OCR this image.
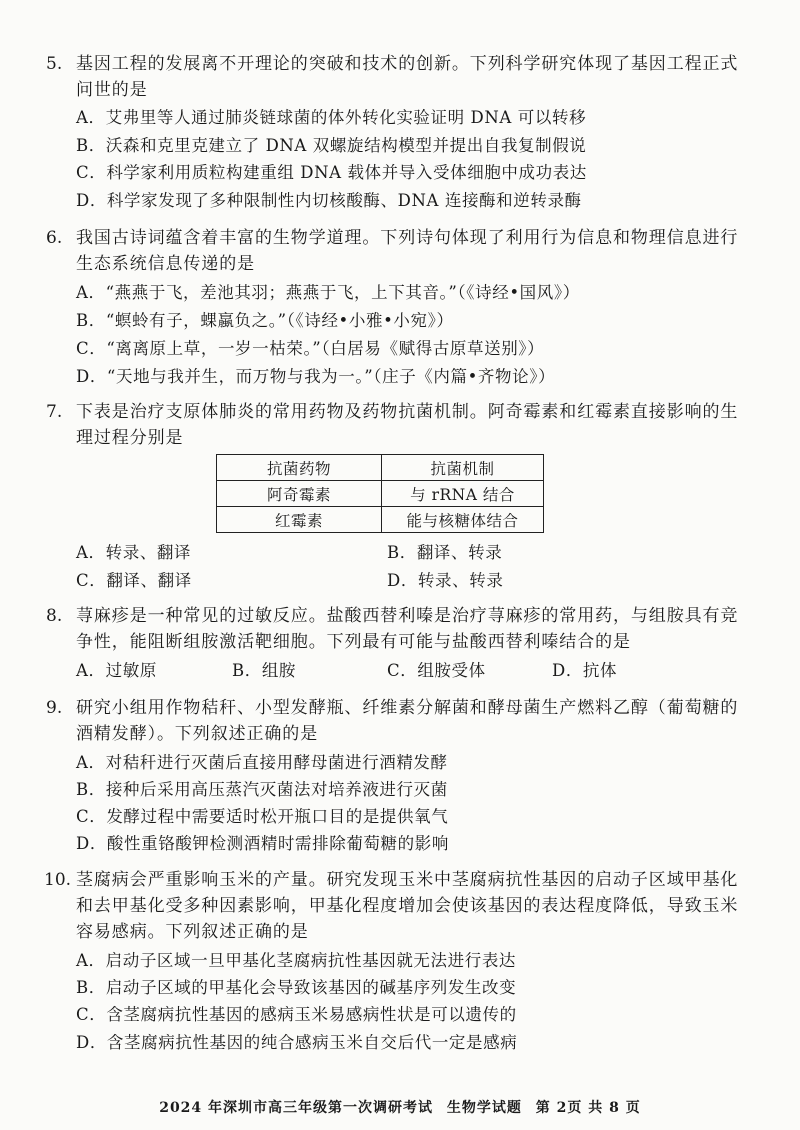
5. 基因工程的发展离不开理论的突破和技术的创新。下列科学研究体现了基因工程正式
问世的是
A．艾弗里等人通过肺炎链球菌的体外转化实验证明 DNA 可以转移
B．沃森和克里克建立了 DNA 双螺旋结构模型并提出自我复制假说
C．科学家利用质粒构建重组 DNA 载体并导入受体细胞中成功表达
D．科学家发现了多种限制性内切核酸酶、DNA 连接酶和逆转录酶
6. 我国古诗词蕴含着丰富的生物学道理。下列诗句体现了利用行为信息和物理信息进行
生态系统信息传递的是
A．“燕燕于飞，差池其羽；燕燕于飞，上下其音。”（《诗经•国风》）
B．“螟蛉有子，蜾蠃负之。”（《诗经•小雅•小宛》）
C．“离离原上草，一岁一枯荣。”（白居易《赋得古原草送别》）
D．“天地与我并生，而万物与我为一。”（庄子《内篇•齐物论》）
7. 下表是治疗支原体肺炎的常用药物及药物抗菌机制。阿奇霉素和红霉素直接影响的生
理过程分别是
抗菌药物	抗菌机制
阿奇霉素	与 rRNA 结合
红霉素	能与核糖体结合
A．转录、翻译	B．翻译、转录
C．翻译、翻译	D．转录、转录
8. 荨麻疹是一种常见的过敏反应。盐酸西替利嗪是治疗荨麻疹的常用药，与组胺具有竞
争性，能阻断组胺激活靶细胞。下列最有可能与盐酸西替利嗪结合的是
A．过敏原	B．组胺	C．组胺受体	D．抗体
9. 研究小组用作物秸秆、小型发酵瓶、纤维素分解菌和酵母菌生产燃料乙醇（葡萄糖的
酒精发酵）。下列叙述正确的是
A．对秸秆进行灭菌后直接用酵母菌进行酒精发酵
B．接种后采用高压蒸汽灭菌法对培养液进行灭菌
C．发酵过程中需要适时松开瓶口目的是提供氧气
D．酸性重铬酸钾检测酒精时需排除葡萄糖的影响
10. 茎腐病会严重影响玉米的产量。研究发现玉米中茎腐病抗性基因的启动子区域甲基化
和去甲基化受多种因素影响，甲基化程度增加会使该基因的表达程度降低，导致玉米
容易感病。下列叙述正确的是
A．启动子区域一旦甲基化茎腐病抗性基因就无法进行表达
B．启动子区域的甲基化会导致该基因的碱基序列发生改变
C．含茎腐病抗性基因的感病玉米易感病性状是可以遗传的
D．含茎腐病抗性基因的纯合感病玉米自交后代一定是感病
2024 年深圳市高三年级第一次调研考试 生物学试题 第 2页 共 8 页
